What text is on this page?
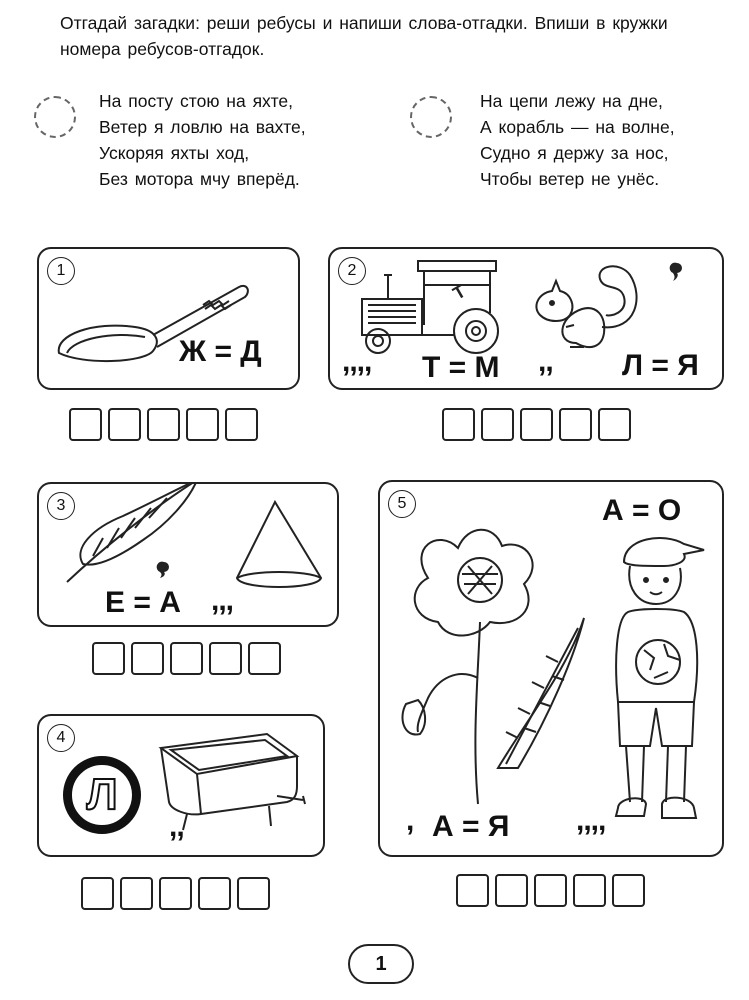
Отгадай загадки: реши ребусы и напиши слова-отгадки. Впиши в кружки номера ребусов-отгадок.
На посту стою на яхте,
Ветер я ловлю на вахте,
Ускоряя яхты ход,
Без мотора мчу вперёд.
На цепи лежу на дне,
А корабль — на волне,
Судно я держу за нос,
Чтобы ветер не унёс.
1
Ж = Д
2
Т
,,,, Т = М ,, Л = Я
3
Е = А ,,,
4
Л
,,
5	А = О
, А = Я ,,,,
1
